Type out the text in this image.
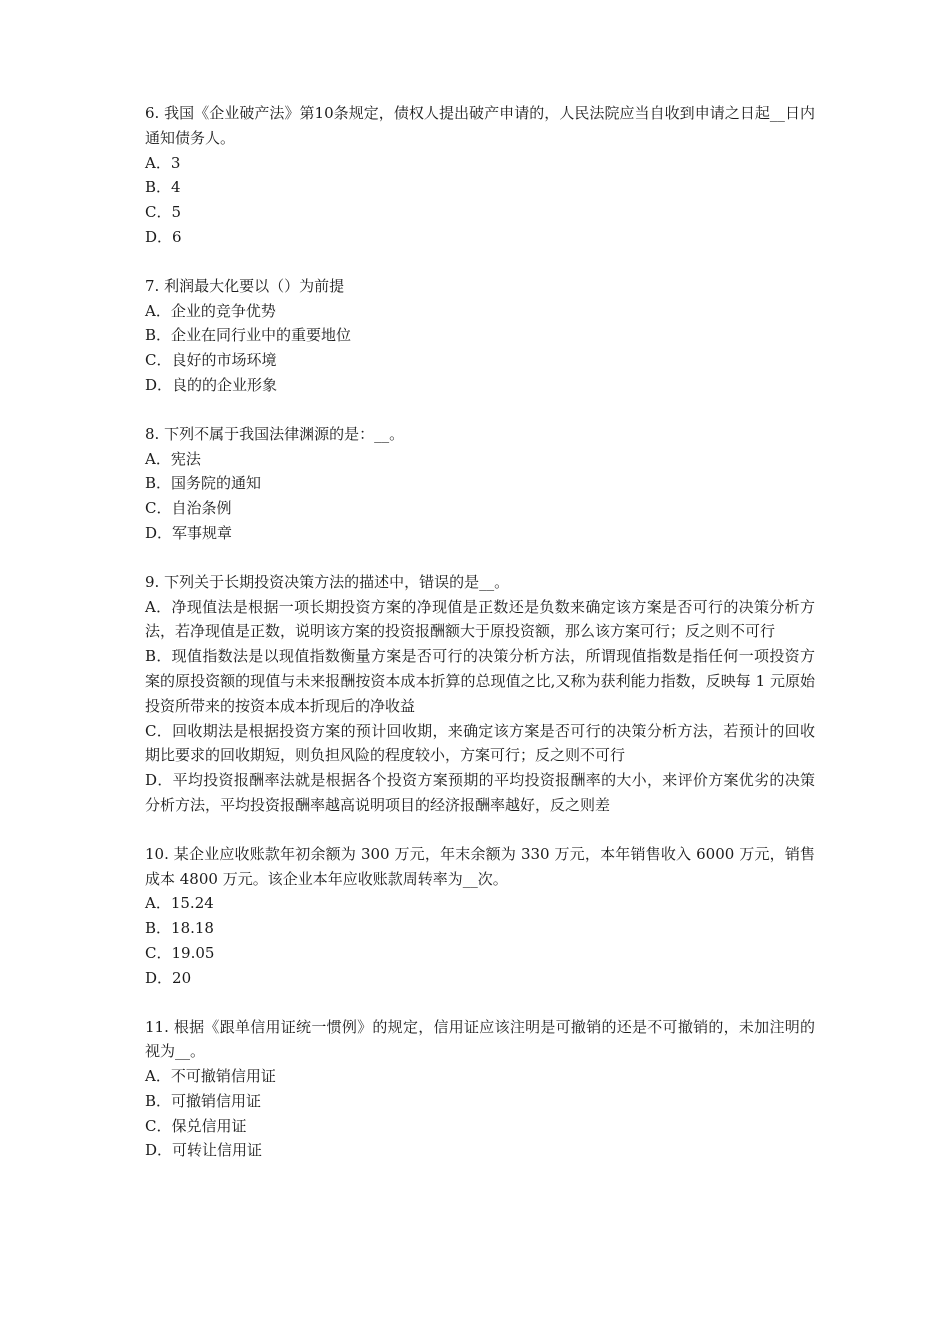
6. 我国《企业破产法》第10条规定，债权人提出破产申请的，人民法院应当自收到申请之日起__日内通知债务人。

A．3

B．4

C．5

D．6

7. 利润最大化要以（）为前提

A．企业的竞争优势

B．企业在同行业中的重要地位

C．良好的市场环境

D．良的的企业形象

8. 下列不属于我国法律渊源的是：__。

A．宪法

B．国务院的通知

C．自治条例

D．军事规章

9. 下列关于长期投资决策方法的描述中，错误的是__。

A．净现值法是根据一项长期投资方案的净现值是正数还是负数来确定该方案是否可行的决策分析方法，若净现值是正数，说明该方案的投资报酬额大于原投资额，那么该方案可行；反之则不可行

B．现值指数法是以现值指数衡量方案是否可行的决策分析方法，所谓现值指数是指任何一项投资方案的原投资额的现值与未来报酬按资本成本折算的总现值之比,又称为获利能力指数，反映每 1 元原始投资所带来的按资本成本折现后的净收益

C．回收期法是根据投资方案的预计回收期，来确定该方案是否可行的决策分析方法，若预计的回收期比要求的回收期短，则负担风险的程度较小，方案可行；反之则不可行

D．平均投资报酬率法就是根据各个投资方案预期的平均投资报酬率的大小，来评价方案优劣的决策分析方法，平均投资报酬率越高说明项目的经济报酬率越好，反之则差

10. 某企业应收账款年初余额为 300 万元，年末余额为 330 万元，本年销售收入 6000 万元，销售成本 4800 万元。该企业本年应收账款周转率为__次。

A．15.24

B．18.18

C．19.05

D．20

11. 根据《跟单信用证统一惯例》的规定，信用证应该注明是可撤销的还是不可撤销的，未加注明的视为__。

A．不可撤销信用证

B．可撤销信用证

C．保兑信用证

D．可转让信用证
